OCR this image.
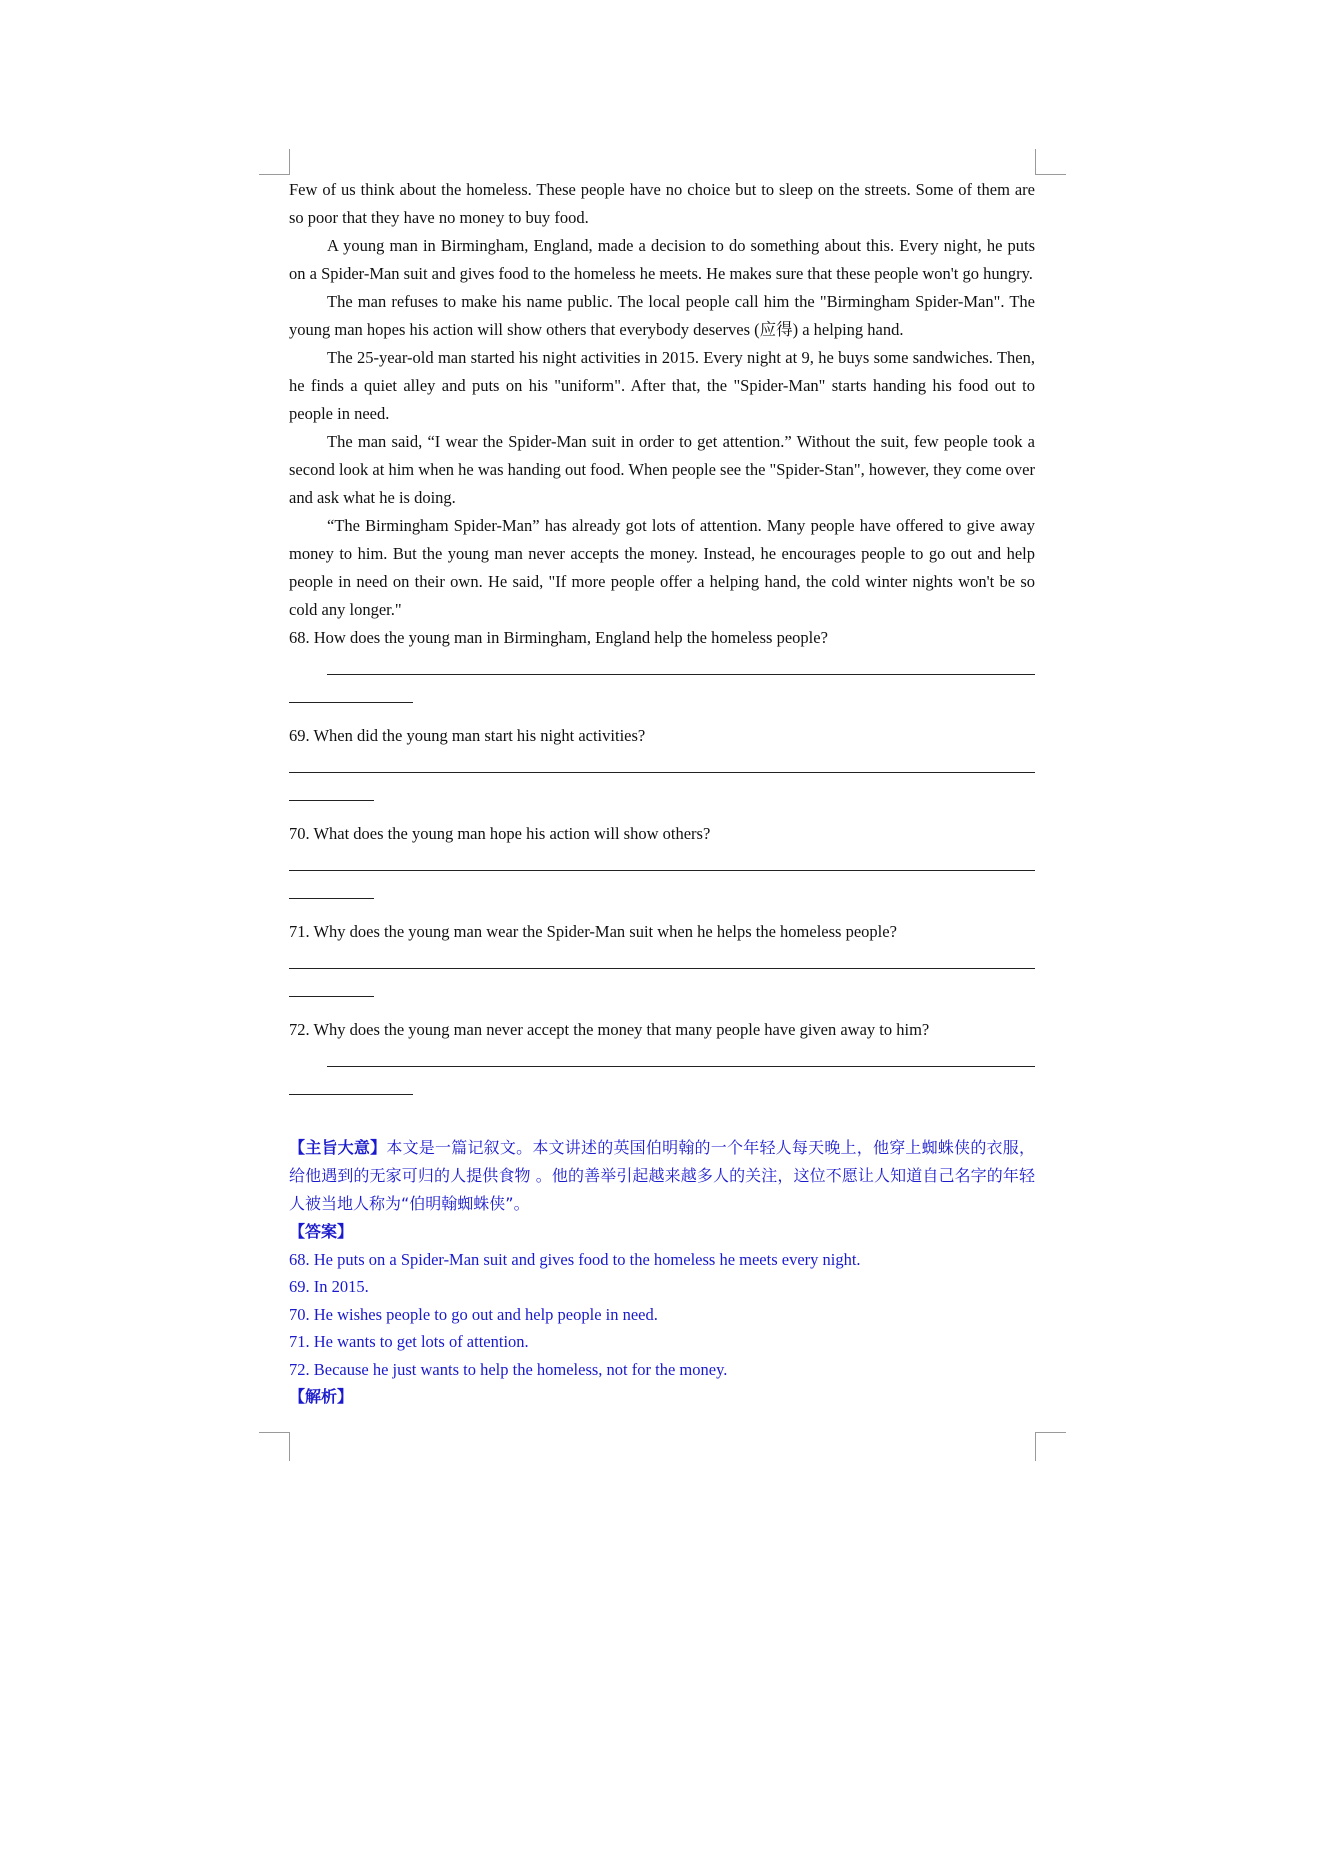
Few of us think about the homeless. These people have no choice but to sleep on the streets. Some of them are so poor that they have no money to buy food.

A young man in Birmingham, England, made a decision to do something about this. Every night, he puts on a Spider-Man suit and gives food to the homeless he meets. He makes sure that these people won't go hungry.

The man refuses to make his name public. The local people call him the "Birmingham Spider-Man". The young man hopes his action will show others that everybody deserves (应得) a helping hand.

The 25-year-old man started his night activities in 2015. Every night at 9, he buys some sandwiches. Then, he finds a quiet alley and puts on his "uniform". After that, the "Spider-Man" starts handing his food out to people in need.

The man said, “I wear the Spider-Man suit in order to get attention.” Without the suit, few people took a second look at him when he was handing out food. When people see the "Spider-Stan", however, they come over and ask what he is doing.

“The Birmingham Spider-Man” has already got lots of attention. Many people have offered to give away money to him. But the young man never accepts the money. Instead, he encourages people to go out and help people in need on their own. He said, "If more people offer a helping hand, the cold winter nights won't be so cold any longer."

68. How does the young man in Birmingham, England help the homeless people?

69. When did the young man start his night activities?

70. What does the young man hope his action will show others?

71. Why does the young man wear the Spider-Man suit when he helps the homeless people?

72. Why does the young man never accept the money that many people have given away to him?

【主旨大意】本文是一篇记叙文。本文讲述的英国伯明翰的一个年轻人每天晚上，他穿上蜘蛛侠的衣服，给他遇到的无家可归的人提供食物 。他的善举引起越来越多人的关注，这位不愿让人知道自己名字的年轻人被当地人称为“伯明翰蜘蛛侠”。

【答案】

68. He puts on a Spider-Man suit and gives food to the homeless he meets every night.

69. In 2015.

70. He wishes people to go out and help people in need.

71. He wants to get lots of attention.

72. Because he just wants to help the homeless, not for the money.

【解析】
